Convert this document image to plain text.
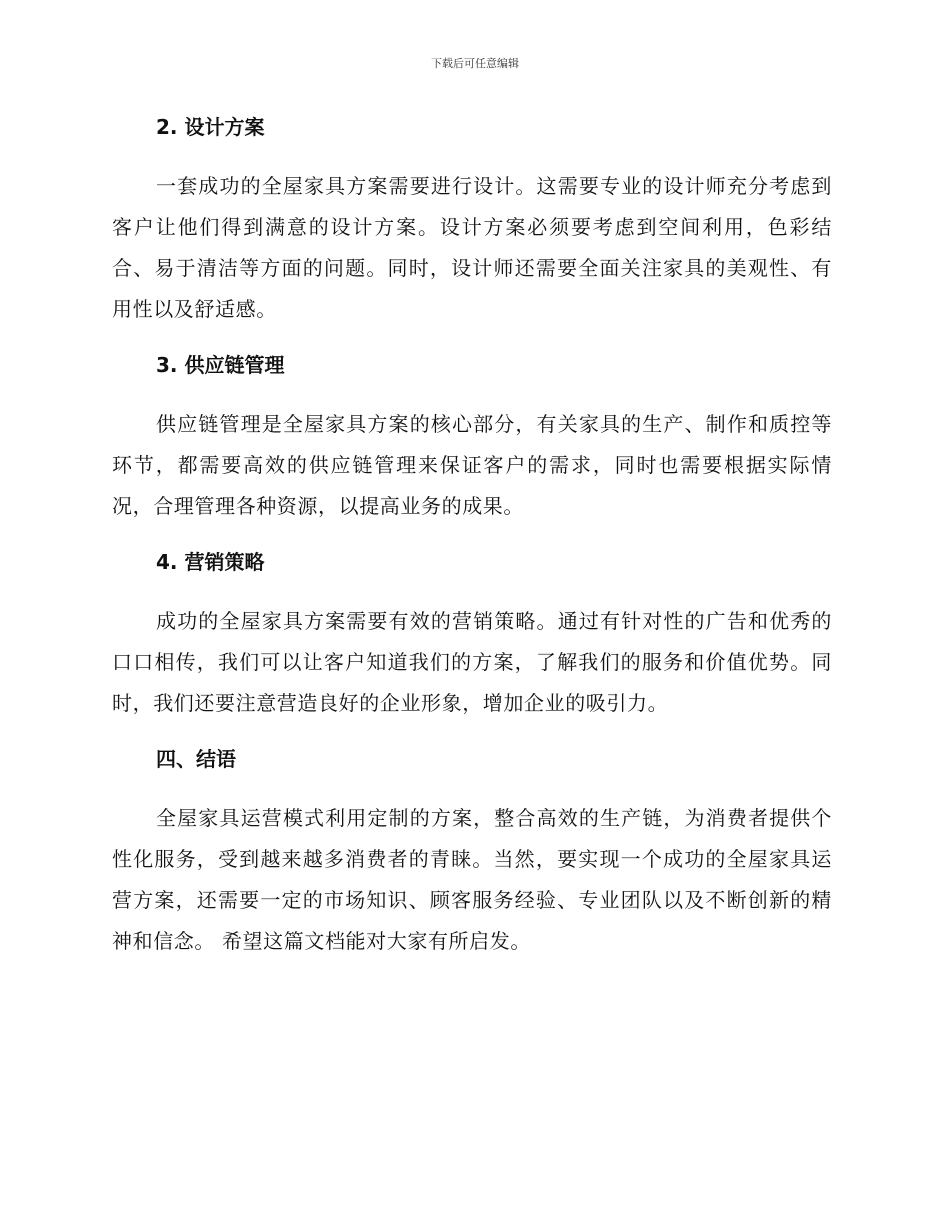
下载后可任意编辑
2. 设计方案

一套成功的全屋家具方案需要进行设计。这需要专业的设计师充分考虑到客户让他们得到满意的设计方案。设计方案必须要考虑到空间利用，色彩结合、易于清洁等方面的问题。同时，设计师还需要全面关注家具的美观性、有用性以及舒适感。

3. 供应链管理

供应链管理是全屋家具方案的核心部分，有关家具的生产、制作和质控等环节，都需要高效的供应链管理来保证客户的需求，同时也需要根据实际情况，合理管理各种资源，以提高业务的成果。

4. 营销策略

成功的全屋家具方案需要有效的营销策略。通过有针对性的广告和优秀的口口相传，我们可以让客户知道我们的方案，了解我们的服务和价值优势。同时，我们还要注意营造良好的企业形象，增加企业的吸引力。

四、结语

全屋家具运营模式利用定制的方案，整合高效的生产链，为消费者提供个性化服务，受到越来越多消费者的青睐。当然，要实现一个成功的全屋家具运营方案，还需要一定的市场知识、顾客服务经验、专业团队以及不断创新的精神和信念。 希望这篇文档能对大家有所启发。
